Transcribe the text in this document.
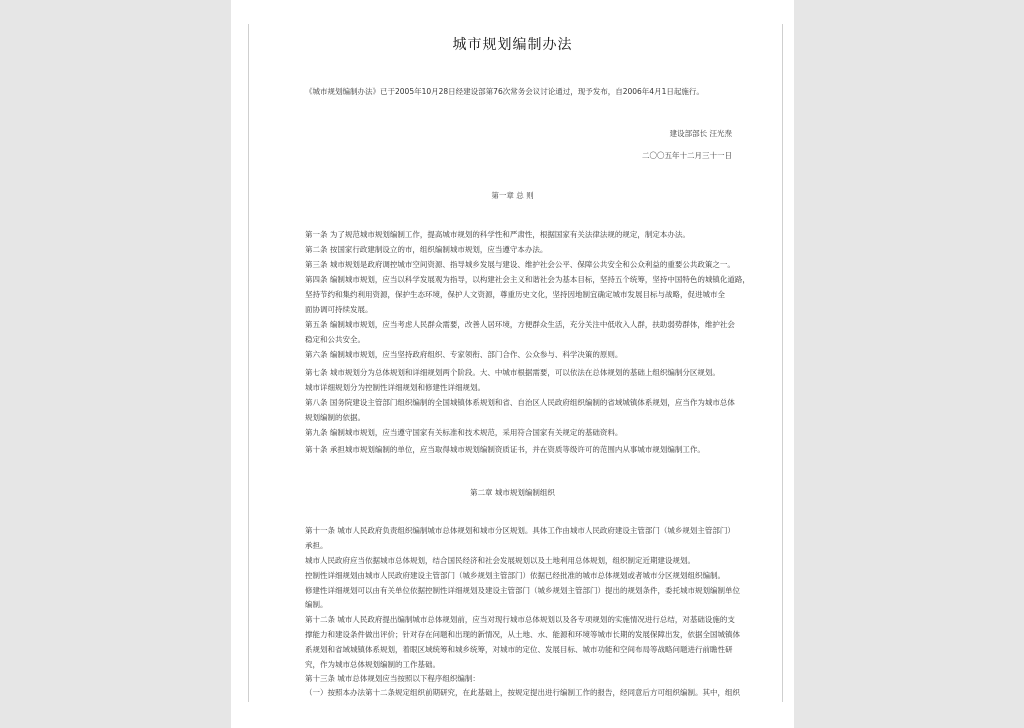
城市规划编制办法
《城市规划编制办法》已于2005年10月28日经建设部第76次常务会议讨论通过，现予发布，自2006年4月1日起施行。
建设部部长 汪光焘
二〇〇五年十二月三十一日
第一章 总 则
第二章 城市规划编制组织
第一条 为了规范城市规划编制工作，提高城市规划的科学性和严肃性，根据国家有关法律法规的规定，制定本办法。
第二条 按国家行政建制设立的市，组织编制城市规划，应当遵守本办法。
第三条 城市规划是政府调控城市空间资源、指导城乡发展与建设、维护社会公平、保障公共安全和公众利益的重要公共政策之一。
第四条 编制城市规划，应当以科学发展观为指导，以构建社会主义和谐社会为基本目标，坚持五个统筹，坚持中国特色的城镇化道路，
坚持节约和集约利用资源，保护生态环境，保护人文资源，尊重历史文化，坚持因地制宜确定城市发展目标与战略，促进城市全
面协调可持续发展。
第五条 编制城市规划，应当考虑人民群众需要，改善人居环境，方便群众生活，充分关注中低收入人群，扶助弱势群体，维护社会
稳定和公共安全。
第六条 编制城市规划，应当坚持政府组织、专家领衔、部门合作、公众参与、科学决策的原则。
第七条 城市规划分为总体规划和详细规划两个阶段。大、中城市根据需要，可以依法在总体规划的基础上组织编制分区规划。
城市详细规划分为控制性详细规划和修建性详细规划。
第八条 国务院建设主管部门组织编制的全国城镇体系规划和省、自治区人民政府组织编制的省域城镇体系规划，应当作为城市总体
规划编制的依据。
第九条 编制城市规划，应当遵守国家有关标准和技术规范，采用符合国家有关规定的基础资料。
第十条 承担城市规划编制的单位，应当取得城市规划编制资质证书，并在资质等级许可的范围内从事城市规划编制工作。
第十一条 城市人民政府负责组织编制城市总体规划和城市分区规划。具体工作由城市人民政府建设主管部门（城乡规划主管部门）
承担。
城市人民政府应当依据城市总体规划，结合国民经济和社会发展规划以及土地利用总体规划，组织制定近期建设规划。
控制性详细规划由城市人民政府建设主管部门（城乡规划主管部门）依据已经批准的城市总体规划或者城市分区规划组织编制。
修建性详细规划可以由有关单位依据控制性详细规划及建设主管部门（城乡规划主管部门）提出的规划条件，委托城市规划编制单位
编制。
第十二条 城市人民政府提出编制城市总体规划前，应当对现行城市总体规划以及各专项规划的实施情况进行总结，对基础设施的支
撑能力和建设条件做出评价；针对存在问题和出现的新情况，从土地、水、能源和环境等城市长期的发展保障出发，依据全国城镇体
系规划和省域城镇体系规划，着眼区域统筹和城乡统筹，对城市的定位、发展目标、城市功能和空间布局等战略问题进行前瞻性研
究，作为城市总体规划编制的工作基础。
第十三条 城市总体规划应当按照以下程序组织编制：
（一）按照本办法第十二条规定组织前期研究，在此基础上，按规定提出进行编制工作的报告，经同意后方可组织编制。其中，组织
